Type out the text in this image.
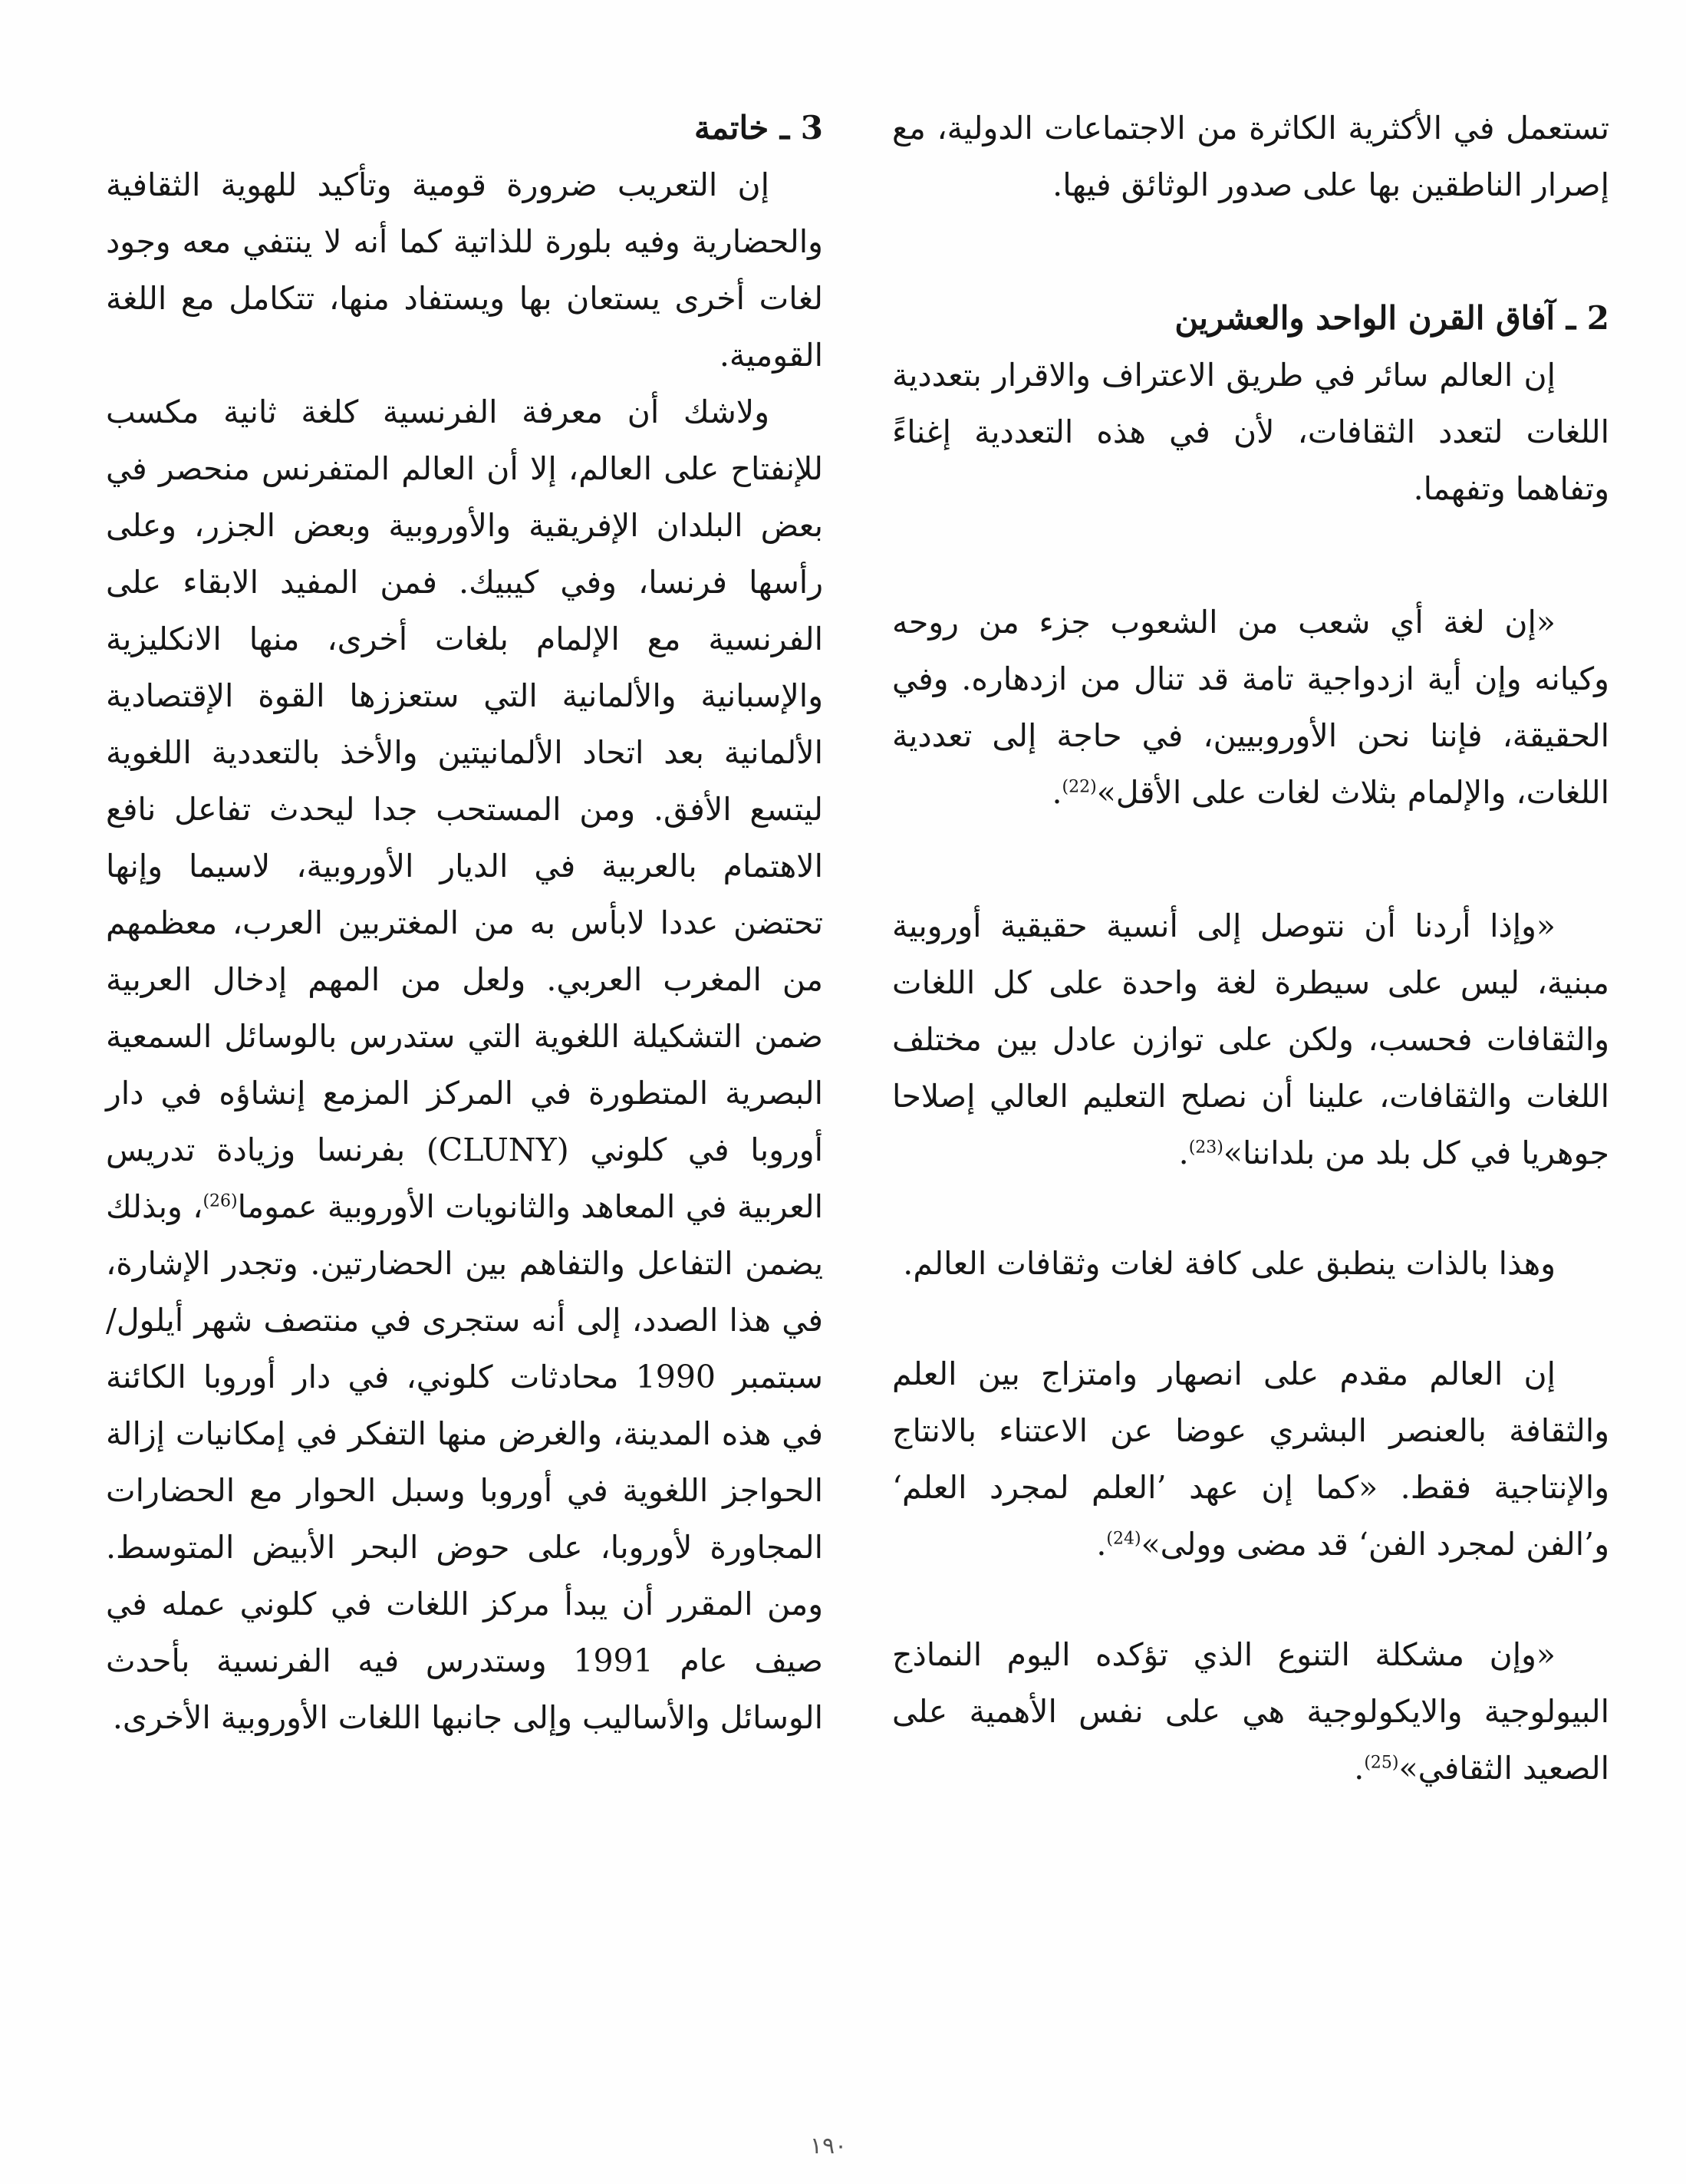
تستعمل في الأكثرية الكاثرة من الاجتماعات الدولية، مع إصرار الناطقين بها على صدور الوثائق فيها.

2 ـ آفاق القرن الواحد والعشرين

إن العالم سائر في طريق الاعتراف والاقرار بتعددية اللغات لتعدد الثقافات، لأن في هذه التعددية إغناءً وتفاهما وتفهما.

«إن لغة أي شعب من الشعوب جزء من روحه وكيانه وإن أية ازدواجية تامة قد تنال من ازدهاره. وفي الحقيقة، فإننا نحن الأوروبيين، في حاجة إلى تعددية اللغات، والإلمام بثلاث لغات على الأقل»$^{(22)}$.

«وإذا أردنا أن نتوصل إلى أنسية حقيقية أوروبية مبنية، ليس على سيطرة لغة واحدة على كل اللغات والثقافات فحسب، ولكن على توازن عادل بين مختلف اللغات والثقافات، علينا أن نصلح التعليم العالي إصلاحا جوهريا في كل بلد من بلداننا»$^{(23)}$.

وهذا بالذات ينطبق على كافة لغات وثقافات العالم.

إن العالم مقدم على انصهار وامتزاج بين العلم والثقافة بالعنصر البشري عوضا عن الاعتناء بالانتاج والإنتاجية فقط. «كما إن عهد ’العلم لمجرد العلم‘ و’الفن لمجرد الفن‘ قد مضى وولى»$^{(24)}$.

«وإن مشكلة التنوع الذي تؤكده اليوم النماذج البيولوجية والايكولوجية هي على نفس الأهمية على الصعيد الثقافي»$^{(25)}$.

3 ـ خاتمة

إن التعريب ضرورة قومية وتأكيد للهوية الثقافية والحضارية وفيه بلورة للذاتية كما أنه لا ينتفي معه وجود لغات أخرى يستعان بها ويستفاد منها، تتكامل مع اللغة القومية.

ولاشك أن معرفة الفرنسية كلغة ثانية مكسب للإنفتاح على العالم، إلا أن العالم المتفرنس منحصر في بعض البلدان الإفريقية والأوروبية وبعض الجزر، وعلى رأسها فرنسا، وفي كيبيك. فمن المفيد الابقاء على الفرنسية مع الإلمام بلغات أخرى، منها الانكليزية والإسبانية والألمانية التي ستعززها القوة الإقتصادية الألمانية بعد اتحاد الألمانيتين والأخذ بالتعددية اللغوية ليتسع الأفق. ومن المستحب جدا ليحدث تفاعل نافع الاهتمام بالعربية في الديار الأوروبية، لاسيما وإنها تحتضن عددا لابأس به من المغتربين العرب، معظمهم من المغرب العربي. ولعل من المهم إدخال العربية ضمن التشكيلة اللغوية التي ستدرس بالوسائل السمعية البصرية المتطورة في المركز المزمع إنشاؤه في دار أوروبا في كلوني (CLUNY) بفرنسا وزيادة تدريس العربية في المعاهد والثانويات الأوروبية عموما$^{(26)}$، وبذلك يضمن التفاعل والتفاهم بين الحضارتين. وتجدر الإشارة، في هذا الصدد، إلى أنه ستجرى في منتصف شهر أيلول/سبتمبر 1990 محادثات كلوني، في دار أوروبا الكائنة في هذه المدينة، والغرض منها التفكر في إمكانيات إزالة الحواجز اللغوية في أوروبا وسبل الحوار مع الحضارات المجاورة لأوروبا، على حوض البحر الأبيض المتوسط. ومن المقرر أن يبدأ مركز اللغات في كلوني عمله في صيف عام 1991 وستدرس فيه الفرنسية بأحدث الوسائل والأساليب وإلى جانبها اللغات الأوروبية الأخرى.

١٩٠
